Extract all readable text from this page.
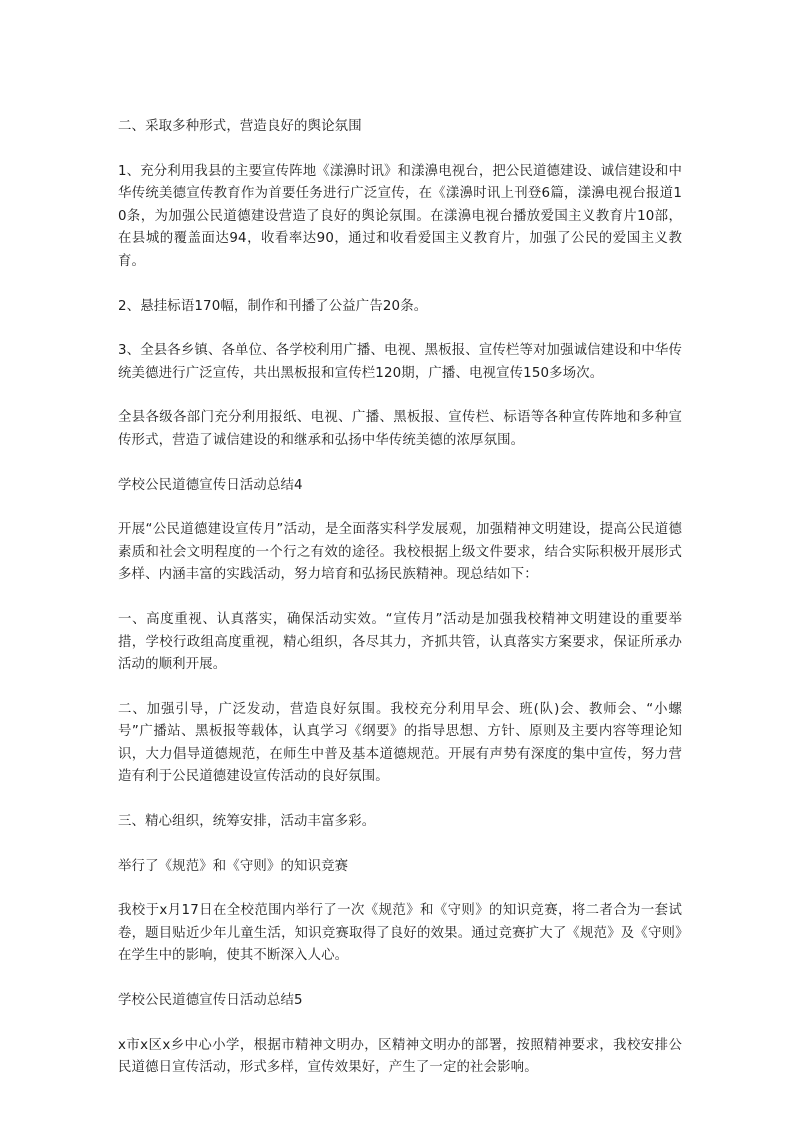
二、采取多种形式，营造良好的舆论氛围

1、充分利用我县的主要宣传阵地《漾濞时讯》和漾濞电视台，把公民道德建设、诚信建设和中华传统美德宣传教育作为首要任务进行广泛宣传，在《漾濞时讯上刊登6篇，漾濞电视台报道10条，为加强公民道德建设营造了良好的舆论氛围。在漾濞电视台播放爱国主义教育片10部，在县城的覆盖面达94，收看率达90，通过和收看爱国主义教育片，加强了公民的爱国主义教育。

2、悬挂标语170幅，制作和刊播了公益广告20条。

3、全县各乡镇、各单位、各学校利用广播、电视、黑板报、宣传栏等对加强诚信建设和中华传统美德进行广泛宣传，共出黑板报和宣传栏120期，广播、电视宣传150多场次。

全县各级各部门充分利用报纸、电视、广播、黑板报、宣传栏、标语等各种宣传阵地和多种宣传形式，营造了诚信建设的和继承和弘扬中华传统美德的浓厚氛围。

学校公民道德宣传日活动总结4

开展“公民道德建设宣传月”活动，是全面落实科学发展观，加强精神文明建设，提高公民道德素质和社会文明程度的一个行之有效的途径。我校根据上级文件要求，结合实际积极开展形式多样、内涵丰富的实践活动，努力培育和弘扬民族精神。现总结如下：

一、高度重视、认真落实，确保活动实效。“宣传月”活动是加强我校精神文明建设的重要举措，学校行政组高度重视，精心组织，各尽其力，齐抓共管，认真落实方案要求，保证所承办活动的顺利开展。

二、加强引导，广泛发动，营造良好氛围。我校充分利用早会、班(队)会、教师会、“小螺号”广播站、黑板报等载体，认真学习《纲要》的指导思想、方针、原则及主要内容等理论知识，大力倡导道德规范，在师生中普及基本道德规范。开展有声势有深度的集中宣传，努力营造有利于公民道德建设宣传活动的良好氛围。

三、精心组织，统筹安排，活动丰富多彩。

举行了《规范》和《守则》的知识竞赛

我校于x月17日在全校范围内举行了一次《规范》和《守则》的知识竞赛，将二者合为一套试卷，题目贴近少年儿童生活，知识竞赛取得了良好的效果。通过竞赛扩大了《规范》及《守则》在学生中的影响，使其不断深入人心。

学校公民道德宣传日活动总结5

x市x区x乡中心小学，根据市精神文明办，区精神文明办的部署，按照精神要求，我校安排公民道德日宣传活动，形式多样，宣传效果好，产生了一定的社会影响。
